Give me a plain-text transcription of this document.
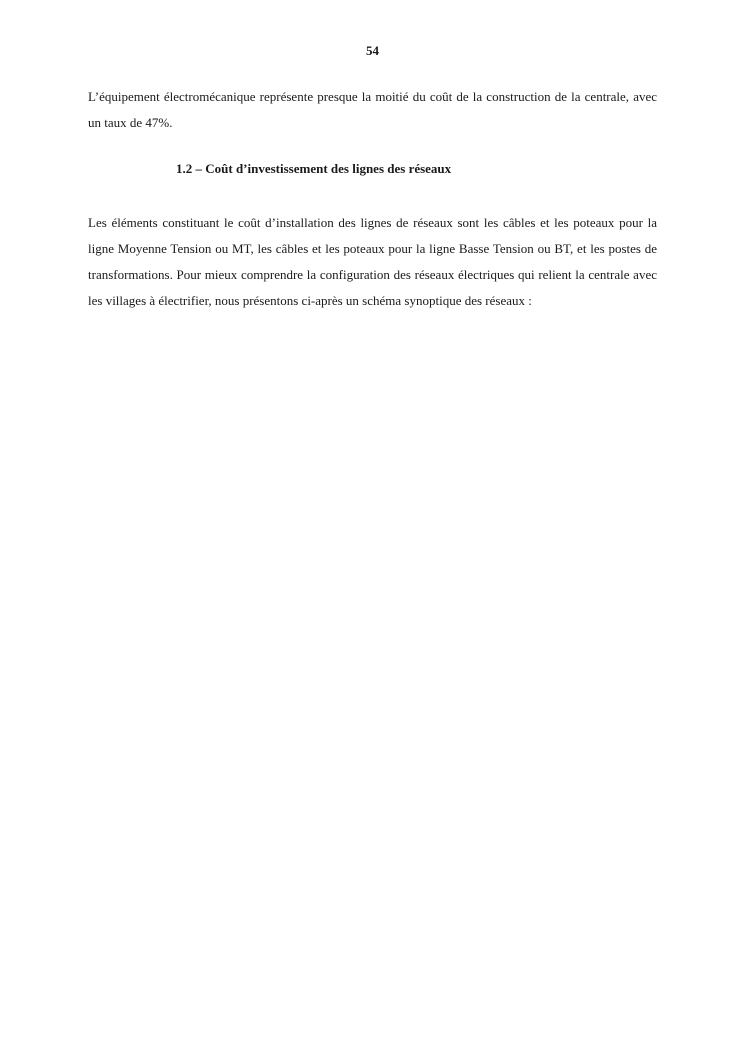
54

L’équipement électromécanique représente presque la moitié du coût de la construction de la centrale, avec un taux de 47%.

1.2 – Coût d’investissement des lignes des réseaux

Les éléments constituant le coût d’installation des lignes de réseaux sont les câbles et les poteaux pour la ligne Moyenne Tension ou MT, les câbles et les poteaux pour la ligne Basse Tension ou BT, et les postes de transformations. Pour mieux comprendre la configuration des réseaux électriques qui relient la centrale avec les villages à électrifier, nous présentons ci-après un schéma synoptique des réseaux :
